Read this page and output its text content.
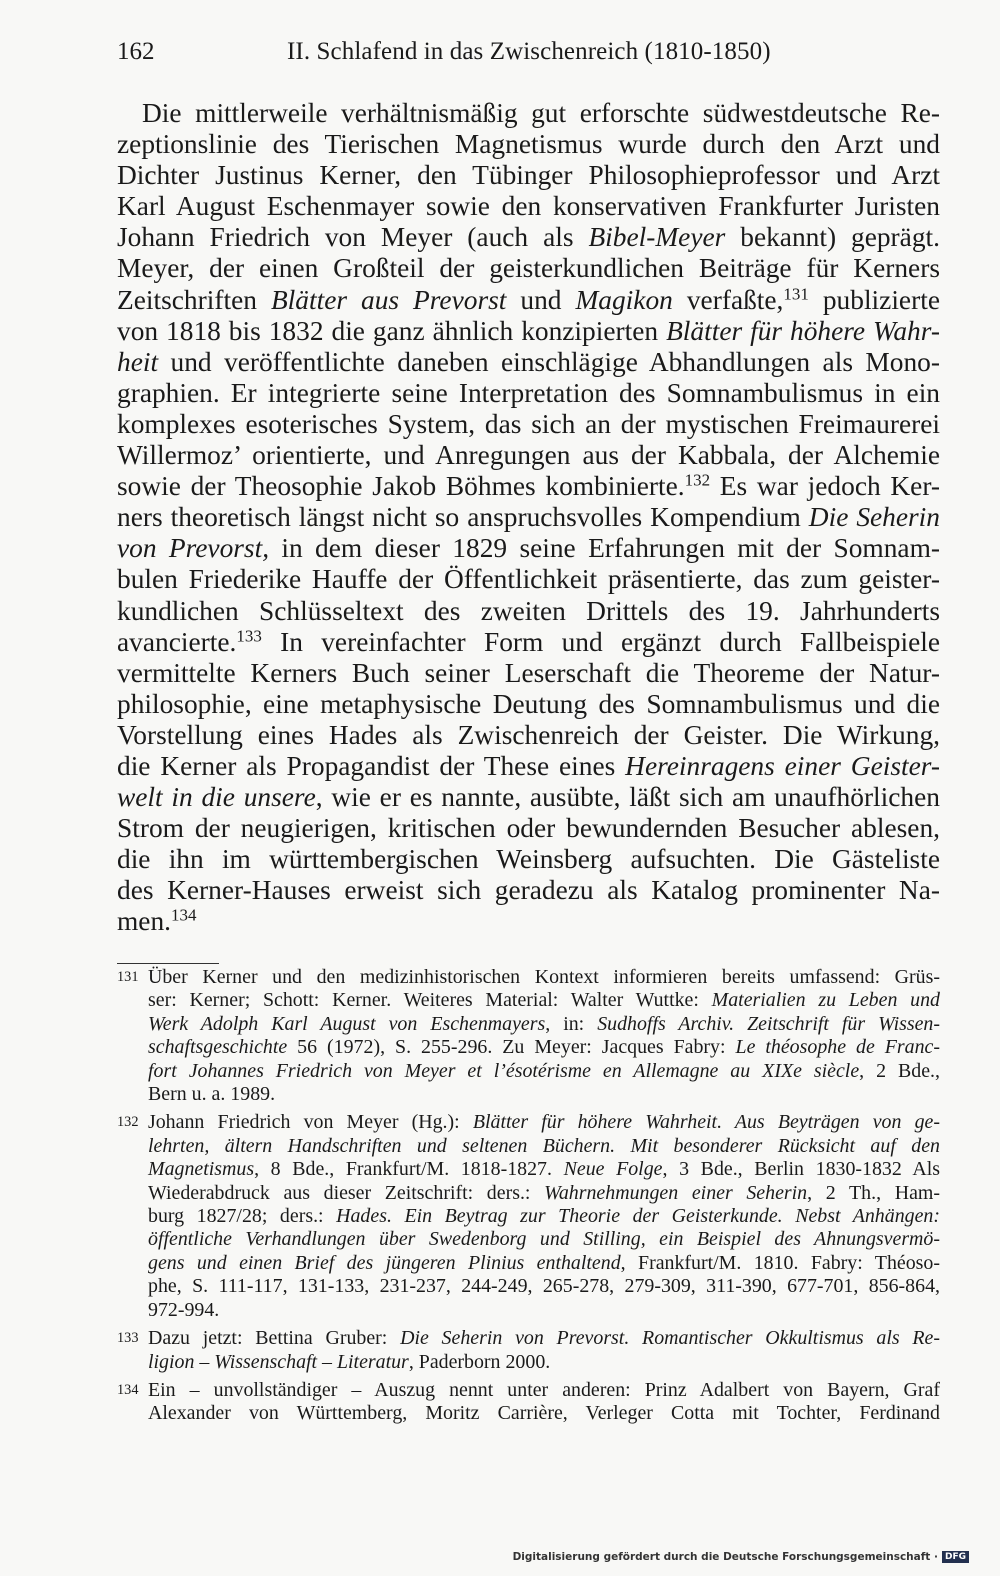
162	II. Schlafend in das Zwischenreich (1810-1850)
Die mittlerweile verhältnismäßig gut erforschte südwestdeutsche Re-
zeptionslinie des Tierischen Magnetismus wurde durch den Arzt und
Dichter Justinus Kerner, den Tübinger Philosophieprofessor und Arzt
Karl August Eschenmayer sowie den konservativen Frankfurter Juristen
Johann Friedrich von Meyer (auch als Bibel-Meyer bekannt) geprägt.
Meyer, der einen Großteil der geisterkundlichen Beiträge für Kerners
Zeitschriften Blätter aus Prevorst und Magikon verfaßte,$^{131}$ publizierte
von 1818 bis 1832 die ganz ähnlich konzipierten Blätter für höhere Wahr-
heit und veröffentlichte daneben einschlägige Abhandlungen als Mono-
graphien. Er integrierte seine Interpretation des Somnambulismus in ein
komplexes esoterisches System, das sich an der mystischen Freimaurerei
Willermoz’ orientierte, und Anregungen aus der Kabbala, der Alchemie
sowie der Theosophie Jakob Böhmes kombinierte.$^{132}$ Es war jedoch Ker-
ners theoretisch längst nicht so anspruchsvolles Kompendium Die Seherin
von Prevorst, in dem dieser 1829 seine Erfahrungen mit der Somnam-
bulen Friederike Hauffe der Öffentlichkeit präsentierte, das zum geister-
kundlichen Schlüsseltext des zweiten Drittels des 19. Jahrhunderts
avancierte.$^{133}$ In vereinfachter Form und ergänzt durch Fallbeispiele
vermittelte Kerners Buch seiner Leserschaft die Theoreme der Natur-
philosophie, eine metaphysische Deutung des Somnambulismus und die
Vorstellung eines Hades als Zwischenreich der Geister. Die Wirkung,
die Kerner als Propagandist der These eines Hereinragens einer Geister-
welt in die unsere, wie er es nannte, ausübte, läßt sich am unaufhörlichen
Strom der neugierigen, kritischen oder bewundernden Besucher ablesen,
die ihn im württembergischen Weinsberg aufsuchten. Die Gästeliste
des Kerner-Hauses erweist sich geradezu als Katalog prominenter Na-
men.$^{134}$
131 Über Kerner und den medizinhistorischen Kontext informieren bereits umfassend: Grüs-
ser: Kerner; Schott: Kerner. Weiteres Material: Walter Wuttke: Materialien zu Leben und
Werk Adolph Karl August von Eschenmayers, in: Sudhoffs Archiv. Zeitschrift für Wissen-
schaftsgeschichte 56 (1972), S. 255-296. Zu Meyer: Jacques Fabry: Le théosophe de Franc-
fort Johannes Friedrich von Meyer et l’ésotérisme en Allemagne au XIXe siècle, 2 Bde.,
Bern u. a. 1989.
132 Johann Friedrich von Meyer (Hg.): Blätter für höhere Wahrheit. Aus Beyträgen von ge-
lehrten, ältern Handschriften und seltenen Büchern. Mit besonderer Rücksicht auf den
Magnetismus, 8 Bde., Frankfurt/M. 1818-1827. Neue Folge, 3 Bde., Berlin 1830-1832 Als
Wiederabdruck aus dieser Zeitschrift: ders.: Wahrnehmungen einer Seherin, 2 Th., Ham-
burg 1827/28; ders.: Hades. Ein Beytrag zur Theorie der Geisterkunde. Nebst Anhängen:
öffentliche Verhandlungen über Swedenborg und Stilling, ein Beispiel des Ahnungsvermö-
gens und einen Brief des jüngeren Plinius enthaltend, Frankfurt/M. 1810. Fabry: Théoso-
phe, S. 111-117, 131-133, 231-237, 244-249, 265-278, 279-309, 311-390, 677-701, 856-864,
972-994.
133 Dazu jetzt: Bettina Gruber: Die Seherin von Prevorst. Romantischer Okkultismus als Re-
ligion – Wissenschaft – Literatur, Paderborn 2000.
134 Ein – unvollständiger – Auszug nennt unter anderen: Prinz Adalbert von Bayern, Graf
Alexander von Württemberg, Moritz Carrière, Verleger Cotta mit Tochter, Ferdinand
Digitalisierung gefördert durch die Deutsche Forschungsgemeinschaft · DFG
